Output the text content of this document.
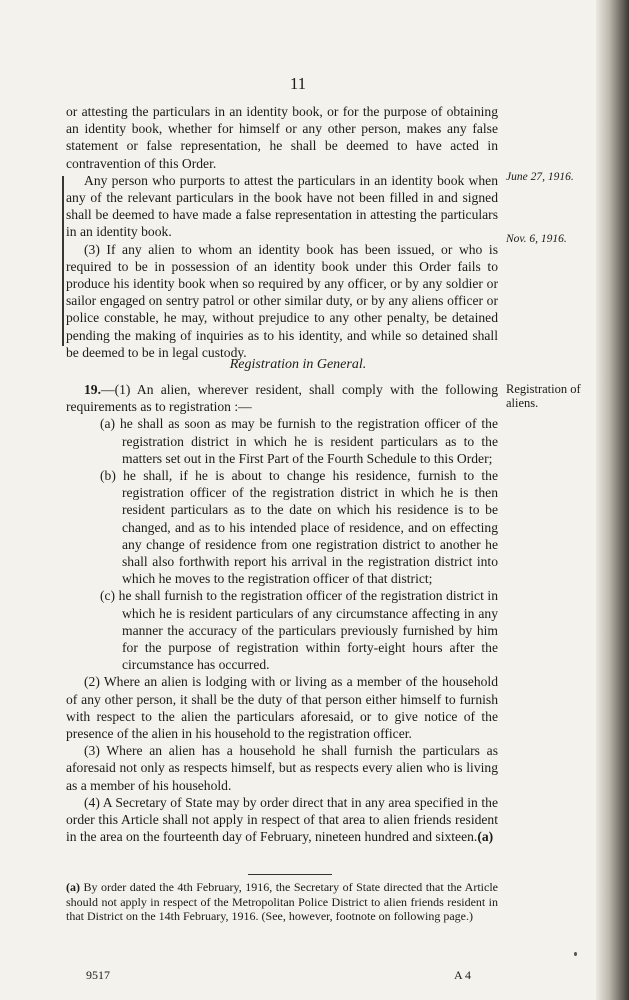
11

or attesting the particulars in an identity book, or for the purpose of obtaining an identity book, whether for himself or any other person, makes any false statement or false representation, he shall be deemed to have acted in contravention of this Order.

Any person who purports to attest the particulars in an identity book when any of the relevant particulars in the book have not been filled in and signed shall be deemed to have made a false representation in attesting the particulars in an identity book.

(3) If any alien to whom an identity book has been issued, or who is required to be in possession of an identity book under this Order fails to produce his identity book when so required by any officer, or by any soldier or sailor engaged on sentry patrol or other similar duty, or by any aliens officer or police constable, he may, without prejudice to any other penalty, be detained pending the making of inquiries as to his identity, and while so detained shall be deemed to be in legal custody.

June 27, 1916.
Nov. 6, 1916.
Registration in General.
Registration of aliens.

19.—(1) An alien, wherever resident, shall comply with the following requirements as to registration :—

(a) he shall as soon as may be furnish to the registration officer of the registration district in which he is resident particulars as to the matters set out in the First Part of the Fourth Schedule to this Order;
(b) he shall, if he is about to change his residence, furnish to the registration officer of the registration district in which he is then resident particulars as to the date on which his residence is to be changed, and as to his intended place of residence, and on effecting any change of residence from one registration district to another he shall also forthwith report his arrival in the registration district into which he moves to the registration officer of that district;
(c) he shall furnish to the registration officer of the registration district in which he is resident particulars of any circumstance affecting in any manner the accuracy of the particulars previously furnished by him for the purpose of registration within forty-eight hours after the circumstance has occurred.

(2) Where an alien is lodging with or living as a member of the household of any other person, it shall be the duty of that person either himself to furnish with respect to the alien the particulars aforesaid, or to give notice of the presence of the alien in his household to the registration officer.

(3) Where an alien has a household he shall furnish the particulars as aforesaid not only as respects himself, but as respects every alien who is living as a member of his household.

(4) A Secretary of State may by order direct that in any area specified in the order this Article shall not apply in respect of that area to alien friends resident in the area on the fourteenth day of February, nineteen hundred and sixteen.(a)

(a) By order dated the 4th February, 1916, the Secretary of State directed that the Article should not apply in respect of the Metropolitan Police District to alien friends resident in that District on the 14th February, 1916. (See, however, footnote on following page.)
9517	A 4
